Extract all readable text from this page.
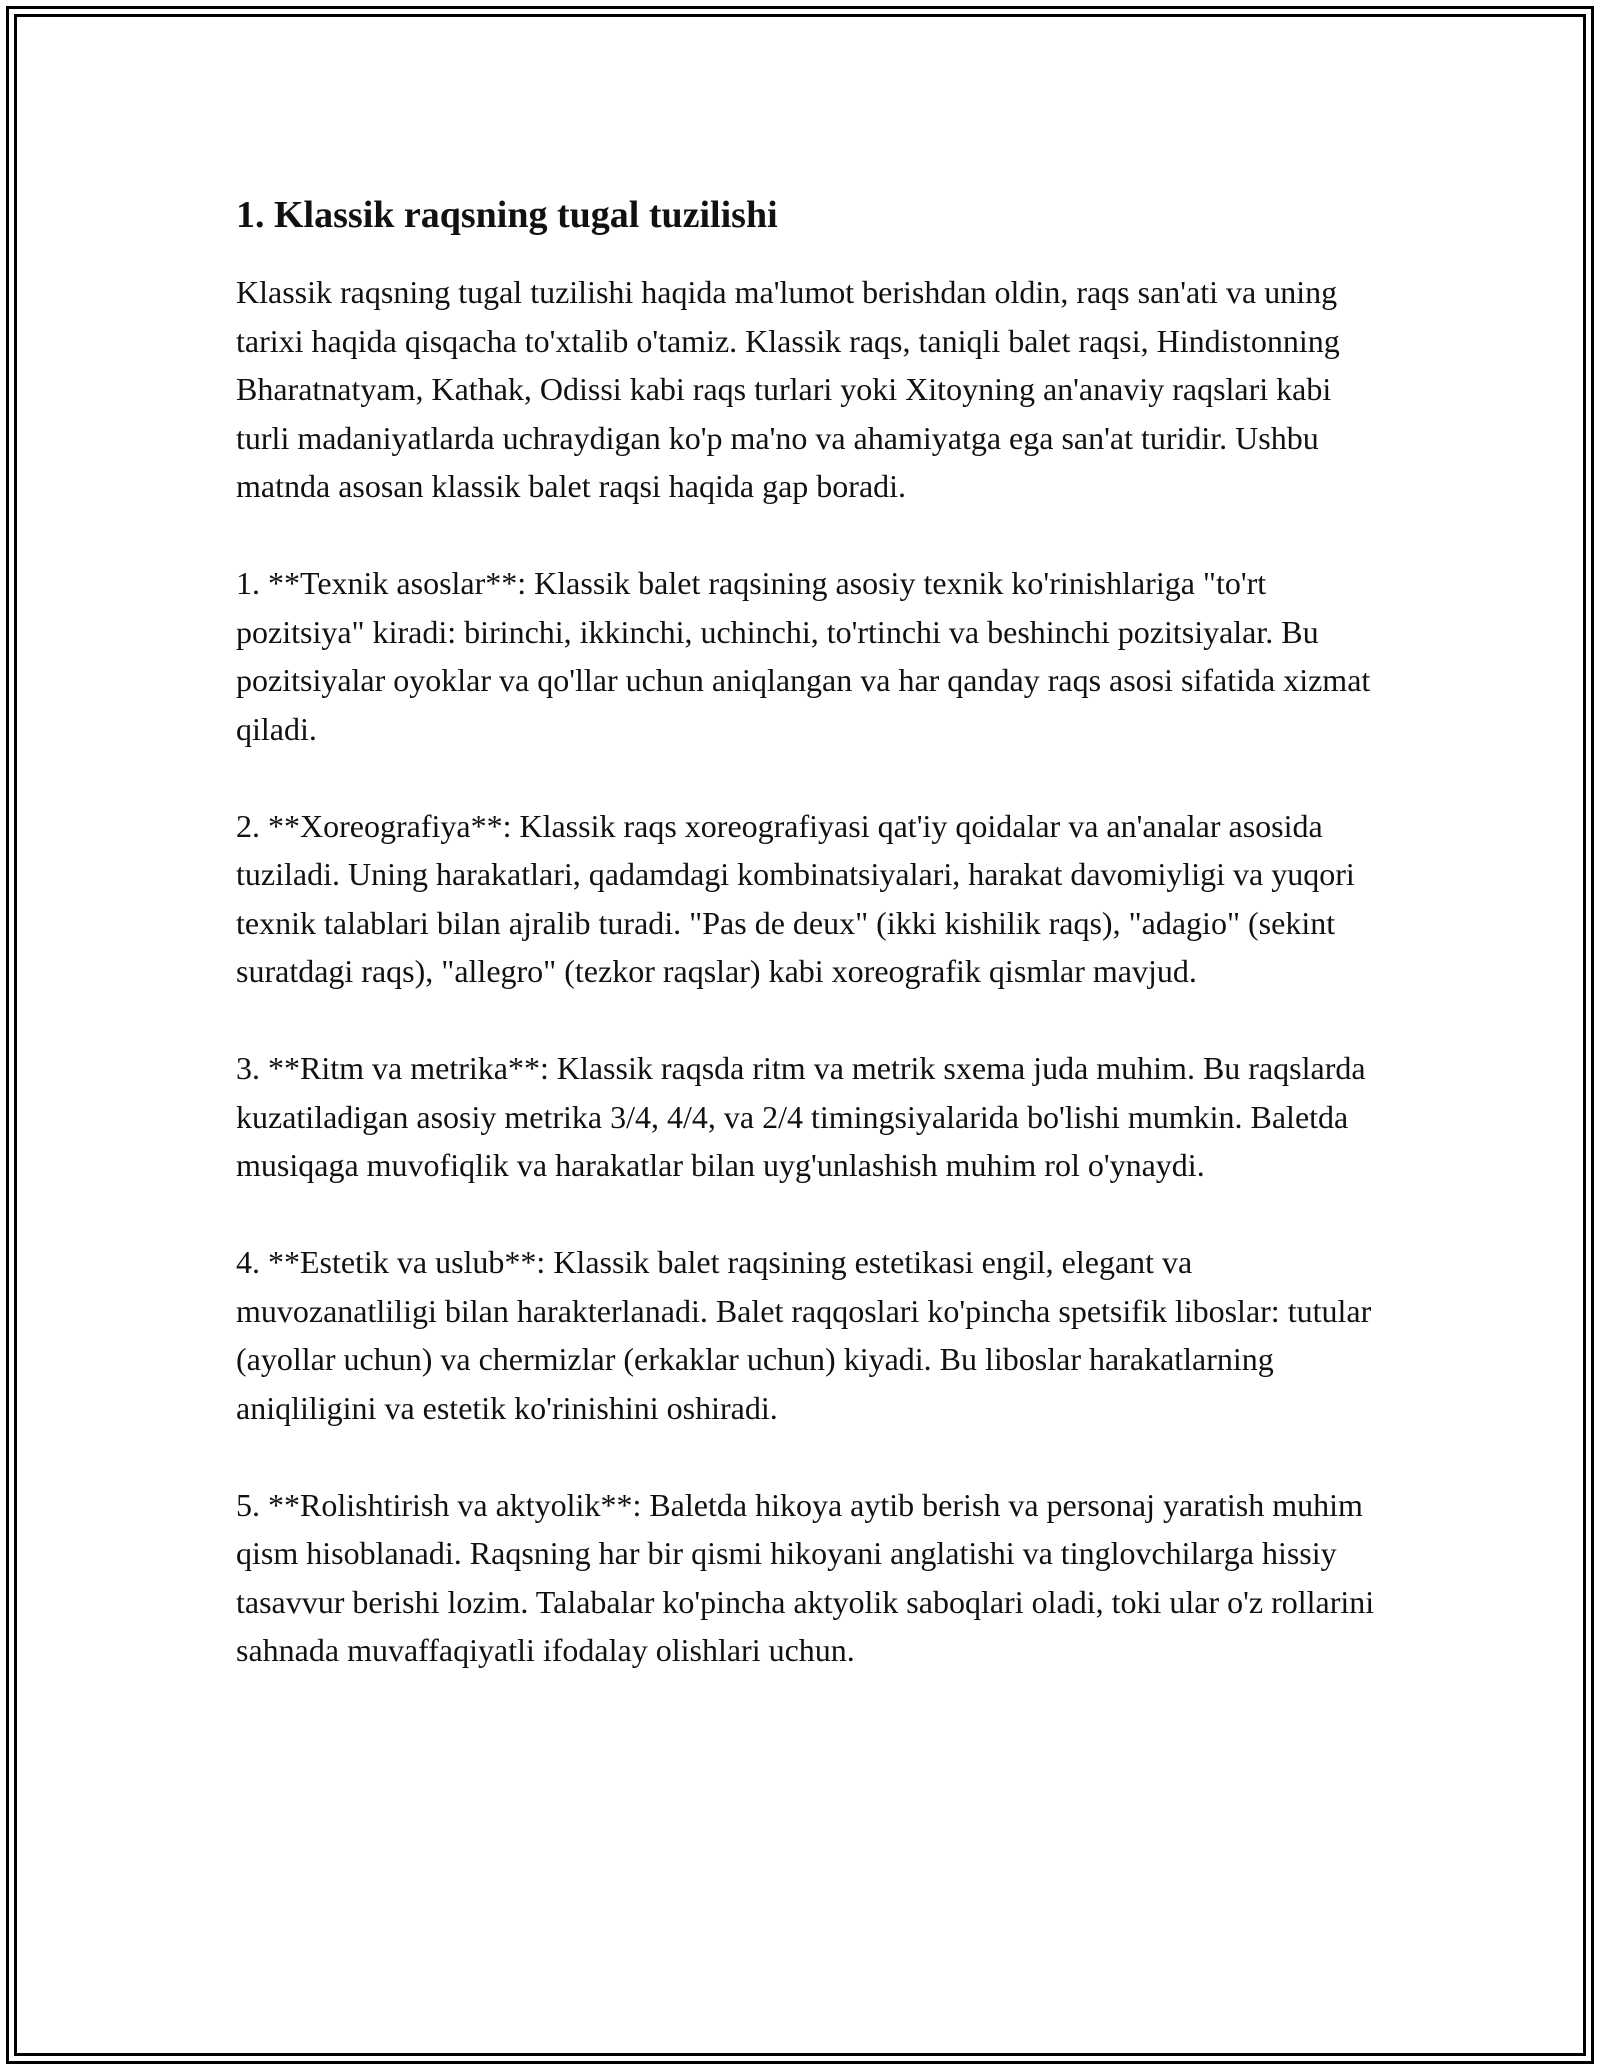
1. Klassik raqsning tugal tuzilishi

Klassik raqsning tugal tuzilishi haqida ma'lumot berishdan oldin, raqs san'ati va uning tarixi haqida qisqacha to'xtalib o'tamiz. Klassik raqs, taniqli balet raqsi, Hindistonning Bharatnatyam, Kathak, Odissi kabi raqs turlari yoki Xitoyning an'anaviy raqslari kabi turli madaniyatlarda uchraydigan ko'p ma'no va ahamiyatga ega san'at turidir. Ushbu matnda asosan klassik balet raqsi haqida gap boradi.

1. **Texnik asoslar**: Klassik balet raqsining asosiy texnik ko'rinishlariga "to'rt pozitsiya" kiradi: birinchi, ikkinchi, uchinchi, to'rtinchi va beshinchi pozitsiyalar. Bu pozitsiyalar oyoklar va qo'llar uchun aniqlangan va har qanday raqs asosi sifatida xizmat qiladi.

2. **Xoreografiya**: Klassik raqs xoreografiyasi qat'iy qoidalar va an'analar asosida tuziladi. Uning harakatlari, qadamdagi kombinatsiyalari, harakat davomiyligi va yuqori texnik talablari bilan ajralib turadi. "Pas de deux" (ikki kishilik raqs), "adagio" (sekint suratdagi raqs), "allegro" (tezkor raqslar) kabi xoreografik qismlar mavjud.

3. **Ritm va metrika**: Klassik raqsda ritm va metrik sxema juda muhim. Bu raqslarda kuzatiladigan asosiy metrika 3/4, 4/4, va 2/4 timingsiyalarida bo'lishi mumkin. Baletda musiqaga muvofiqlik va harakatlar bilan uyg'unlashish muhim rol o'ynaydi.

4. **Estetik va uslub**: Klassik balet raqsining estetikasi engil, elegant va muvozanatliligi bilan harakterlanadi. Balet raqqoslari ko'pincha spetsifik liboslar: tutular (ayollar uchun) va chermizlar (erkaklar uchun) kiyadi. Bu liboslar harakatlarning aniqliligini va estetik ko'rinishini oshiradi.

5. **Rolishtirish va aktyolik**: Baletda hikoya aytib berish va personaj yaratish muhim qism hisoblanadi. Raqsning har bir qismi hikoyani anglatishi va tinglovchilarga hissiy tasavvur berishi lozim. Talabalar ko'pincha aktyolik saboqlari oladi, toki ular o'z rollarini sahnada muvaffaqiyatli ifodalay olishlari uchun.
